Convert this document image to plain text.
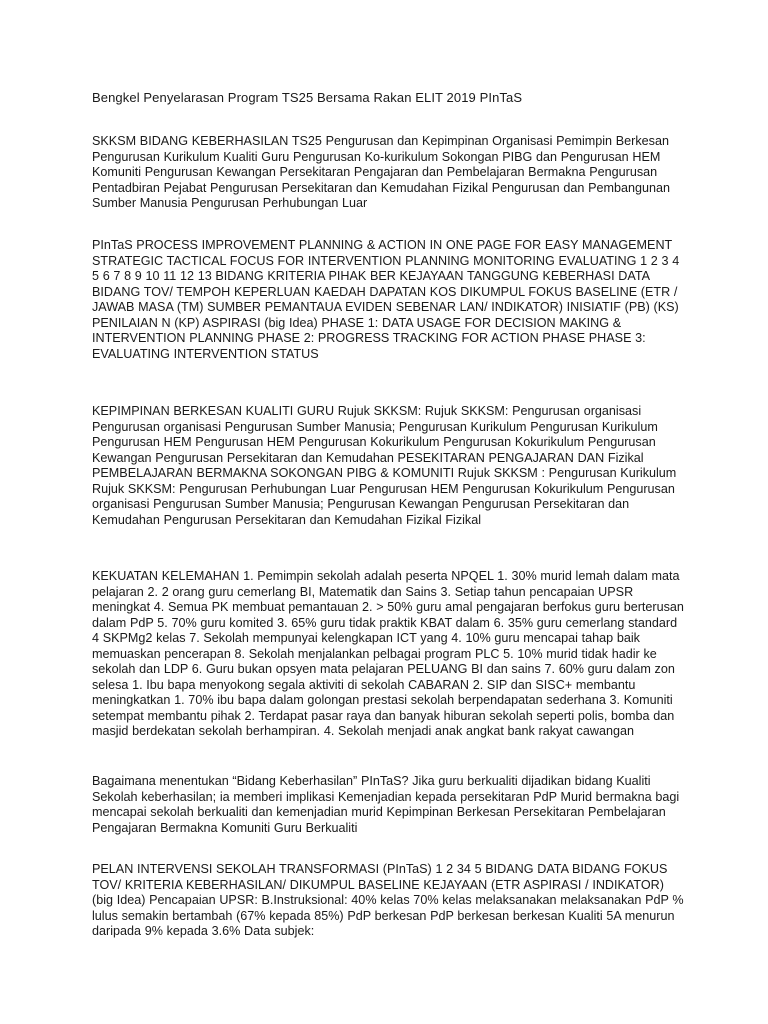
Bengkel Penyelarasan Program TS25 Bersama Rakan ELIT 2019 PInTaS

SKKSM BIDANG KEBERHASILAN TS25 Pengurusan dan Kepimpinan Organisasi Pemimpin Berkesan Pengurusan Kurikulum Kualiti Guru Pengurusan Ko-kurikulum Sokongan PIBG dan Pengurusan HEM Komuniti Pengurusan Kewangan Persekitaran Pengajaran dan Pembelajaran Bermakna Pengurusan Pentadbiran Pejabat Pengurusan Persekitaran dan Kemudahan Fizikal Pengurusan dan Pembangunan Sumber Manusia Pengurusan Perhubungan Luar

PInTaS PROCESS IMPROVEMENT PLANNING & ACTION IN ONE PAGE FOR EASY MANAGEMENT STRATEGIC TACTICAL FOCUS FOR INTERVENTION PLANNING MONITORING EVALUATING 1 2 3 4 5 6 7 8 9 10 11 12 13 BIDANG KRITERIA PIHAK BER KEJAYAAN TANGGUNG KEBERHASI DATA BIDANG TOV/ TEMPOH KEPERLUAN KAEDAH DAPATAN KOS DIKUMPUL FOKUS BASELINE (ETR / JAWAB MASA (TM) SUMBER PEMANTAUA EVIDEN SEBENAR LAN/ INDIKATOR) INISIATIF (PB) (KS) PENILAIAN N (KP) ASPIRASI (big Idea) PHASE 1: DATA USAGE FOR DECISION MAKING & INTERVENTION PLANNING PHASE 2: PROGRESS TRACKING FOR ACTION PHASE PHASE 3: EVALUATING INTERVENTION STATUS

KEPIMPINAN BERKESAN KUALITI GURU Rujuk SKKSM: Rujuk SKKSM: Pengurusan organisasi Pengurusan organisasi Pengurusan Sumber Manusia; Pengurusan Kurikulum Pengurusan Kurikulum Pengurusan HEM Pengurusan HEM Pengurusan Kokurikulum Pengurusan Kokurikulum Pengurusan Kewangan Pengurusan Persekitaran dan Kemudahan PESEKITARAN PENGAJARAN DAN Fizikal PEMBELAJARAN BERMAKNA SOKONGAN PIBG & KOMUNITI Rujuk SKKSM : Pengurusan Kurikulum Rujuk SKKSM: Pengurusan Perhubungan Luar Pengurusan HEM Pengurusan Kokurikulum Pengurusan organisasi Pengurusan Sumber Manusia; Pengurusan Kewangan Pengurusan Persekitaran dan Kemudahan Pengurusan Persekitaran dan Kemudahan Fizikal Fizikal

KEKUATAN KELEMAHAN 1. Pemimpin sekolah adalah peserta NPQEL 1. 30% murid lemah dalam mata pelajaran 2. 2 orang guru cemerlang BI, Matematik dan Sains 3. Setiap tahun pencapaian UPSR meningkat 4. Semua PK membuat pemantauan 2. > 50% guru amal pengajaran berfokus guru berterusan dalam PdP 5. 70% guru komited 3. 65% guru tidak praktik KBAT dalam 6. 35% guru cemerlang standard 4 SKPMg2 kelas 7. Sekolah mempunyai kelengkapan ICT yang 4. 10% guru mencapai tahap baik memuaskan pencerapan 8. Sekolah menjalankan pelbagai program PLC 5. 10% murid tidak hadir ke sekolah dan LDP 6. Guru bukan opsyen mata pelajaran PELUANG BI dan sains 7. 60% guru dalam zon selesa 1. Ibu bapa menyokong segala aktiviti di sekolah CABARAN 2. SIP dan SISC+ membantu meningkatkan 1. 70% ibu bapa dalam golongan prestasi sekolah berpendapatan sederhana 3. Komuniti setempat membantu pihak 2. Terdapat pasar raya dan banyak hiburan sekolah seperti polis, bomba dan masjid berdekatan sekolah berhampiran. 4. Sekolah menjadi anak angkat bank rakyat cawangan

Bagaimana menentukan “Bidang Keberhasilan” PInTaS? Jika guru berkualiti dijadikan bidang Kualiti Sekolah keberhasilan; ia memberi implikasi Kemenjadian kepada persekitaran PdP Murid bermakna bagi mencapai sekolah berkualiti dan kemenjadian murid Kepimpinan Berkesan Persekitaran Pembelajaran Pengajaran Bermakna Komuniti Guru Berkualiti

PELAN INTERVENSI SEKOLAH TRANSFORMASI (PInTaS) 1 2 34 5 BIDANG DATA BIDANG FOKUS TOV/ KRITERIA KEBERHASILAN/ DIKUMPUL BASELINE KEJAYAAN (ETR ASPIRASI / INDIKATOR) (big Idea) Pencapaian UPSR: B.Instruksional: 40% kelas 70% kelas melaksanakan melaksanakan PdP % lulus semakin bertambah (67% kepada 85%) PdP berkesan PdP berkesan berkesan Kualiti 5A menurun daripada 9% kepada 3.6% Data subjek:
